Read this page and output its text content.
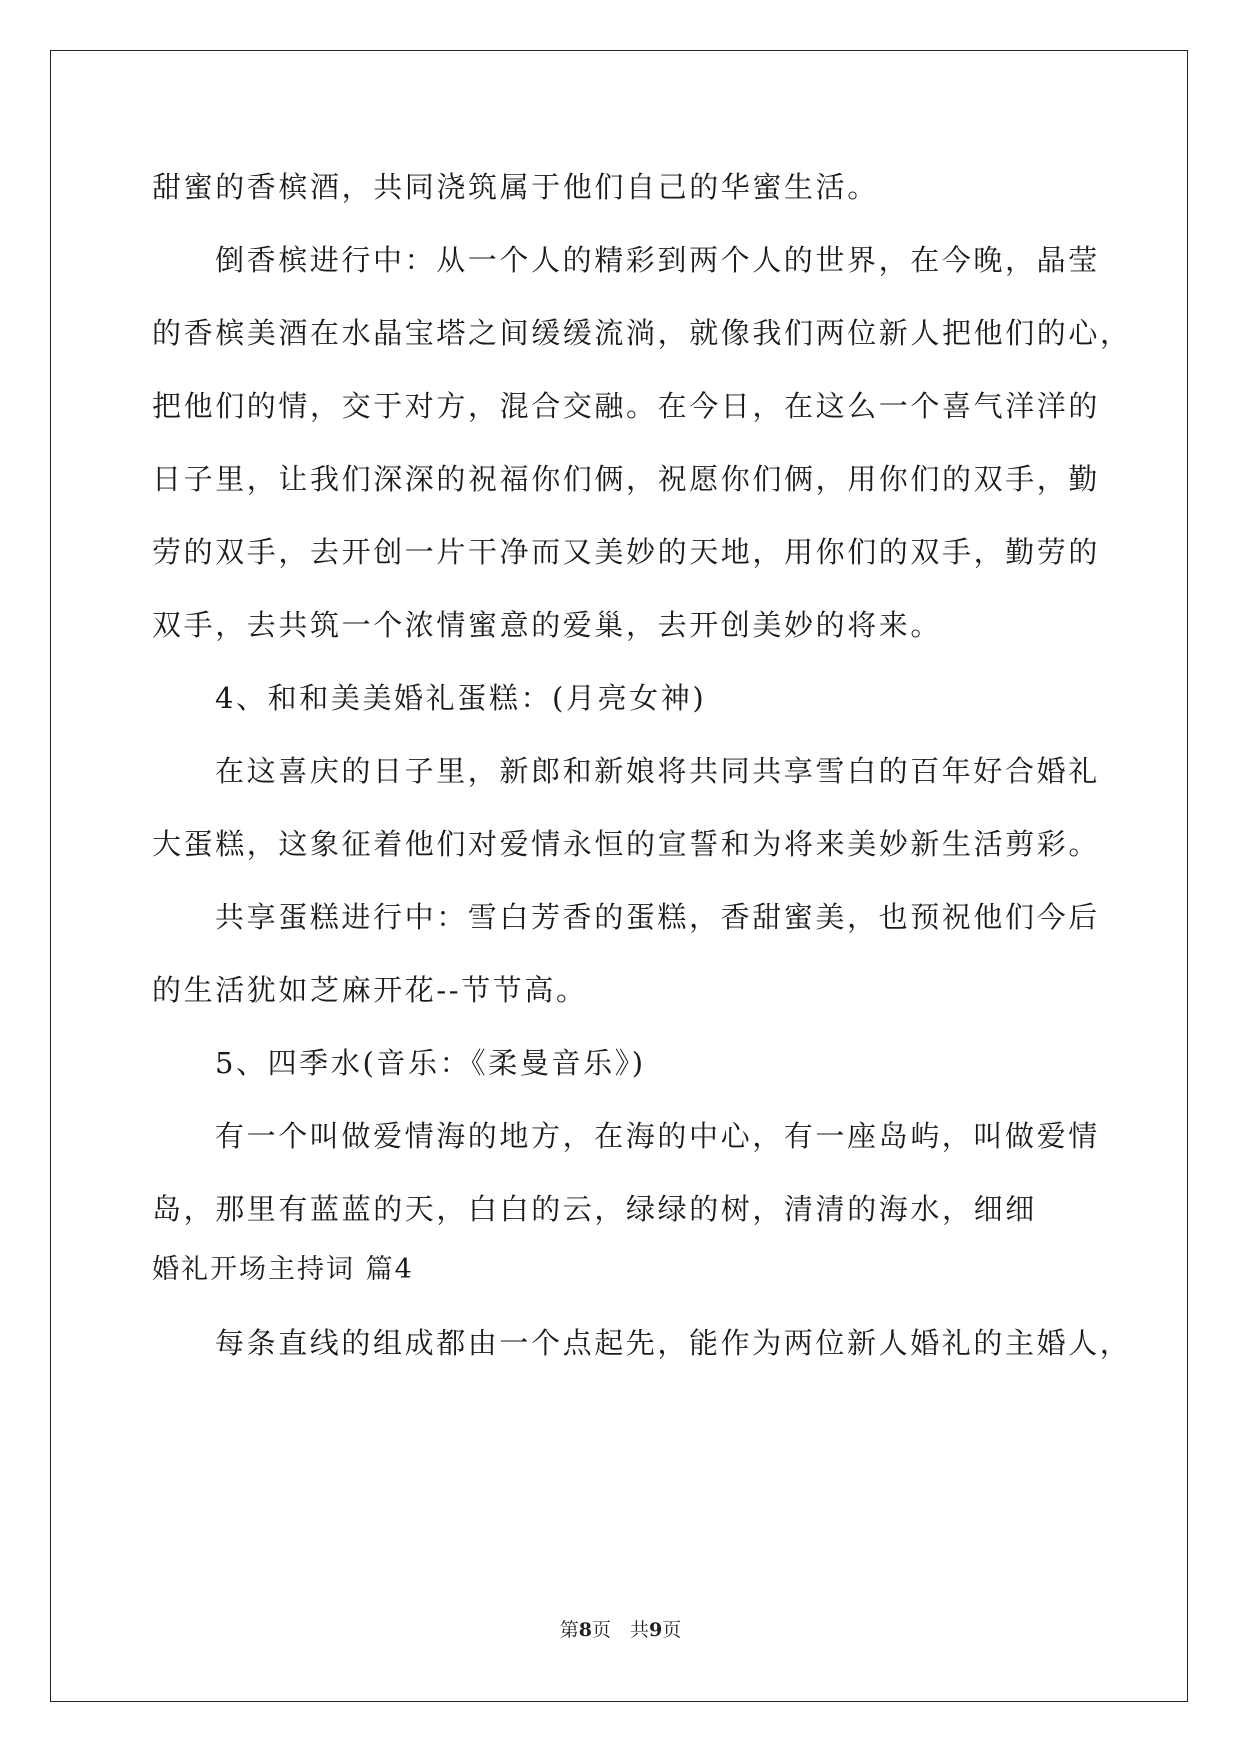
甜蜜的香槟酒，共同浇筑属于他们自己的华蜜生活。
倒香槟进行中：从一个人的精彩到两个人的世界，在今晚，晶莹
的香槟美酒在水晶宝塔之间缓缓流淌，就像我们两位新人把他们的心，
把他们的情，交于对方，混合交融。在今日，在这么一个喜气洋洋的
日子里，让我们深深的祝福你们俩，祝愿你们俩，用你们的双手，勤
劳的双手，去开创一片干净而又美妙的天地，用你们的双手，勤劳的
双手，去共筑一个浓情蜜意的爱巢，去开创美妙的将来。
4、和和美美婚礼蛋糕：(月亮女神)
在这喜庆的日子里，新郎和新娘将共同共享雪白的百年好合婚礼
大蛋糕，这象征着他们对爱情永恒的宣誓和为将来美妙新生活剪彩。
共享蛋糕进行中：雪白芳香的蛋糕，香甜蜜美，也预祝他们今后
的生活犹如芝麻开花--节节高。
5、四季水(音乐：《柔曼音乐》)
有一个叫做爱情海的地方，在海的中心，有一座岛屿，叫做爱情
岛，那里有蓝蓝的天，白白的云，绿绿的树，清清的海水，细细
婚礼开场主持词 篇4
每条直线的组成都由一个点起先，能作为两位新人婚礼的主婚人，
第8页　共9页
